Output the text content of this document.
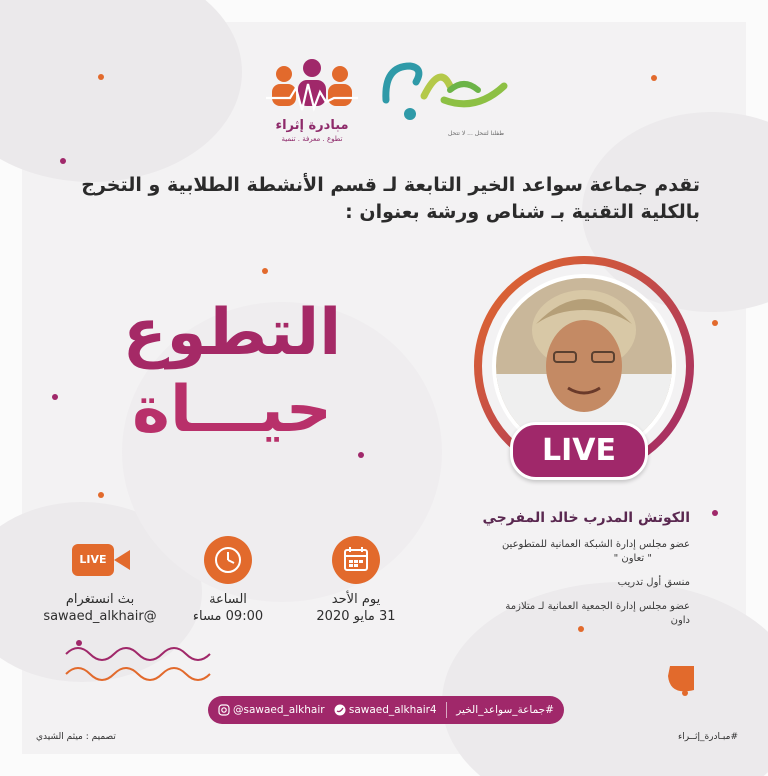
مبادرة إثراء
تطوع . معرفة . تنمية
طفلنا لتنحل ... لا تتحل
تقدم جماعة سواعد الخير التابعة لـ قسم الأنشطة الطلابية و التخرج
بالكلية التقنية بـ شناص ورشة بعنوان :
التطوع
حيـــاة
LIVE
الكوتش المدرب خالد المفرجي
عضو مجلس إدارة الشبكة العمانية للمتطوعين
" تعاون "
منسق أول تدريب
عضو مجلس إدارة الجمعية العمانية لـ متلازمة
داون
يوم الأحد
31 مايو 2020
الساعة
09:00 مساء
LIVE
بث انستغرام
@sawaed_alkhair
@sawaed_alkhair sawaed_alkhair4 #جماعة_سواعد_الخير
تصميم : ميثم الشيدي	#مبـادرة_إثــراء
